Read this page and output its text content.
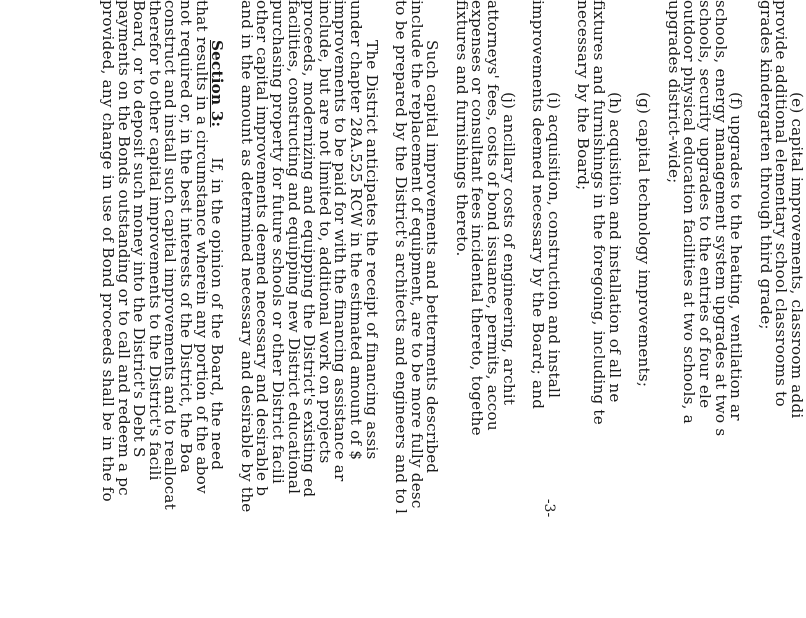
(e) capital improvements, classroom addi
provide additional elementary school classrooms to
grades kindergarten through third grade;
(f) upgrades to the heating, ventilation ar
schools, energy management system upgrades at two s
schools, security upgrades to the entries of four ele
outdoor physical education facilities at two schools, a
upgrades district-wide;
(g) capital technology improvements;
(h) acquisition and installation of all ne
fixtures and furnishings in the foregoing, including te
necessary by the Board;
(i) acquisition, construction and install
improvements deemed necessary by the Board; and
(j) ancillary costs of engineering, archit
attorneys' fees, costs of bond issuance, permits, accou
expenses or consultant fees incidental thereto, togethe
fixtures and furnishings thereto.
Such capital improvements and betterments described
include the replacement of equipment, are to be more fully desc
to be prepared by the District's architects and engineers and to l
The District anticipates the receipt of financing assis
under chapter 28A.525 RCW in the estimated amount of $
improvements to be paid for with the financing assistance ar
include, but are not limited to, additional work on projects
proceeds, modernizing and equipping the District's existing ed
facilities, constructing and equipping new District educational
purchasing property for future schools or other District facili
other capital improvements deemed necessary and desirable b
and in the amount as determined necessary and desirable by the
Section 3:      If, in the opinion of the Board, the need
that results in a circumstance wherein any portion of the abov
not required or, in the best interests of the District, the Boa
construct and install such capital improvements and to reallocat
therefor to other capital improvements to the District's facili
Board, or to deposit such money into the District's Debt S
payments on the Bonds outstanding or to call and redeem a pc
provided, any change in use of Bond proceeds shall be in the fo
-3-
